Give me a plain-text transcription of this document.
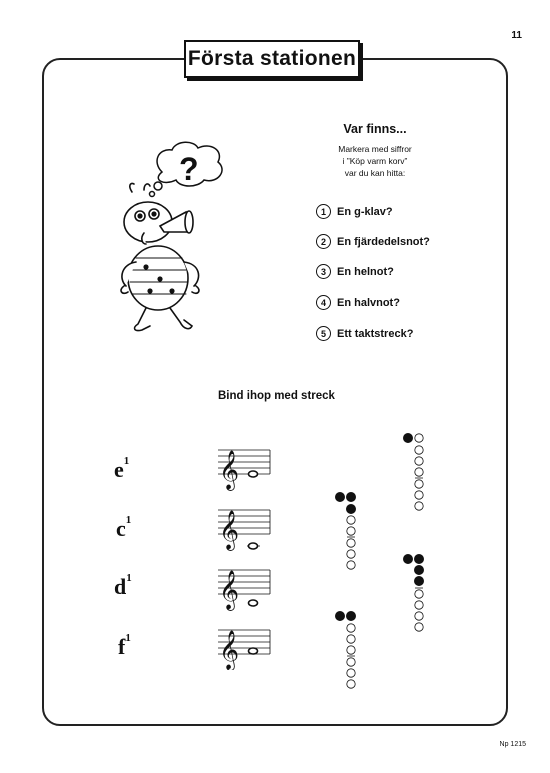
11
Första stationen
?
Var finns...
Markera med siffror
i ”Köp varm korv”
var du kan hitta:
1	En g-klav?
2	En fjärdedelsnot?
3	En helnot?
4	En halvnot?
5	Ett taktstreck?
Bind ihop med streck
$e^1$
$c^1$
$d^1$
$f^1$
Np 1215
